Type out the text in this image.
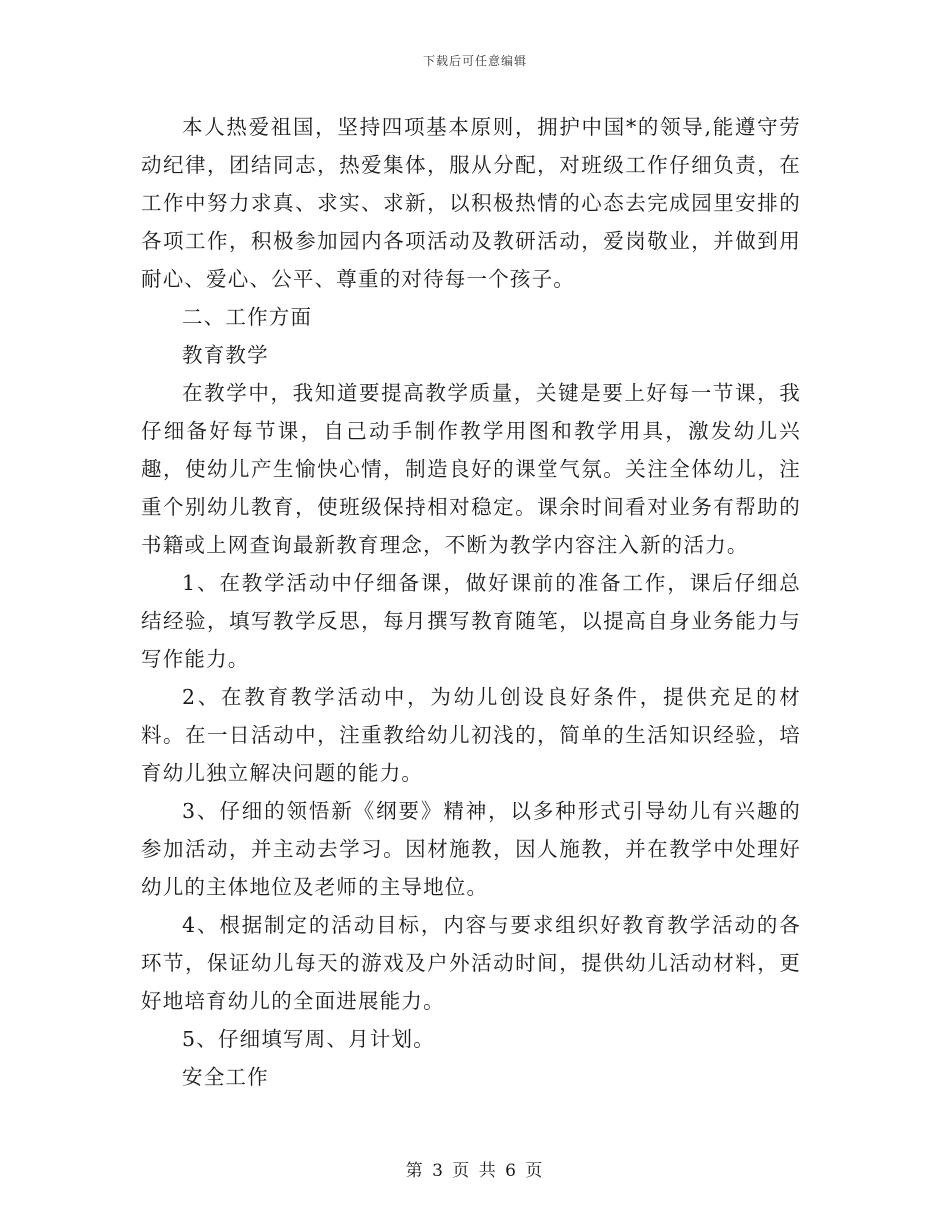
下载后可任意编辑

本人热爱祖国，坚持四项基本原则，拥护中国*的领导,能遵守劳动纪律，团结同志，热爱集体，服从分配，对班级工作仔细负责，在工作中努力求真、求实、求新，以积极热情的心态去完成园里安排的各项工作，积极参加园内各项活动及教研活动，爱岗敬业，并做到用耐心、爱心、公平、尊重的对待每一个孩子。

二、工作方面

教育教学

在教学中，我知道要提高教学质量，关键是要上好每一节课，我仔细备好每节课，自己动手制作教学用图和教学用具，激发幼儿兴趣，使幼儿产生愉快心情，制造良好的课堂气氛。关注全体幼儿，注重个别幼儿教育，使班级保持相对稳定。课余时间看对业务有帮助的书籍或上网查询最新教育理念，不断为教学内容注入新的活力。

1、在教学活动中仔细备课，做好课前的准备工作，课后仔细总结经验，填写教学反思，每月撰写教育随笔，以提高自身业务能力与写作能力。

2、在教育教学活动中，为幼儿创设良好条件，提供充足的材料。在一日活动中，注重教给幼儿初浅的，简单的生活知识经验，培育幼儿独立解决问题的能力。

3、仔细的领悟新《纲要》精神，以多种形式引导幼儿有兴趣的参加活动，并主动去学习。因材施教，因人施教，并在教学中处理好幼儿的主体地位及老师的主导地位。

4、根据制定的活动目标，内容与要求组织好教育教学活动的各环节，保证幼儿每天的游戏及户外活动时间，提供幼儿活动材料，更好地培育幼儿的全面进展能力。

5、仔细填写周、月计划。

安全工作

第 3 页 共 6 页
